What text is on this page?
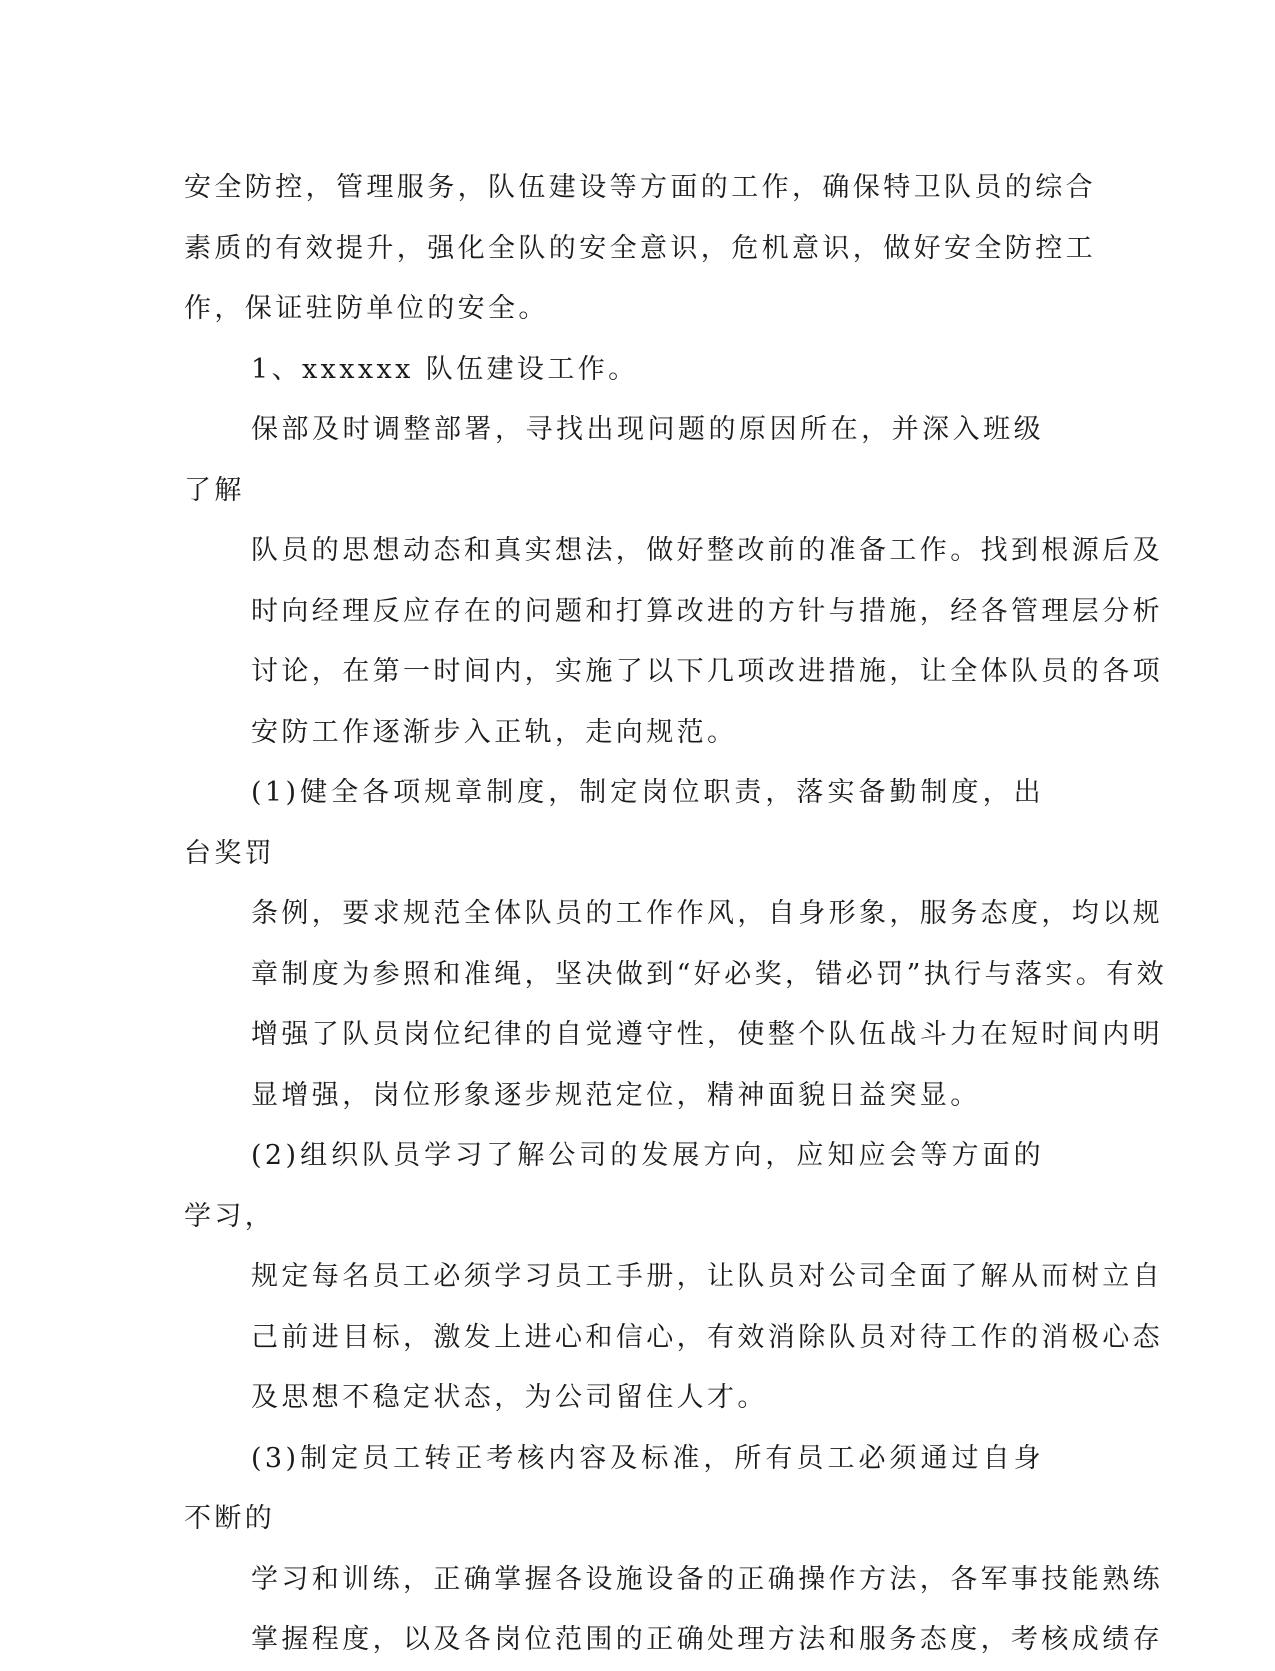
安全防控，管理服务，队伍建设等方面的工作，确保特卫队员的综合
素质的有效提升，强化全队的安全意识，危机意识，做好安全防控工
作，保证驻防单位的安全。

1、xxxxxx 队伍建设工作。

保部及时调整部署，寻找出现问题的原因所在，并深入班级了解
队员的思想动态和真实想法，做好整改前的准备工作。找到根源后及
时向经理反应存在的问题和打算改进的方针与措施，经各管理层分析
讨论，在第一时间内，实施了以下几项改进措施，让全体队员的各项
安防工作逐渐步入正轨，走向规范。

(1)健全各项规章制度，制定岗位职责，落实备勤制度，出台奖罚
条例，要求规范全体队员的工作作风，自身形象，服务态度，均以规
章制度为参照和准绳，坚决做到“好必奖，错必罚”执行与落实。有效
增强了队员岗位纪律的自觉遵守性，使整个队伍战斗力在短时间内明
显增强，岗位形象逐步规范定位，精神面貌日益突显。

(2)组织队员学习了解公司的发展方向，应知应会等方面的学习，
规定每名员工必须学习员工手册，让队员对公司全面了解从而树立自
己前进目标，激发上进心和信心，有效消除队员对待工作的消极心态
及思想不稳定状态，为公司留住人才。

(3)制定员工转正考核内容及标准，所有员工必须通过自身不断的
学习和训练，正确掌握各设施设备的正确操作方法，各军事技能熟练
掌握程度，以及各岗位范围的正确处理方法和服务态度，考核成绩存
